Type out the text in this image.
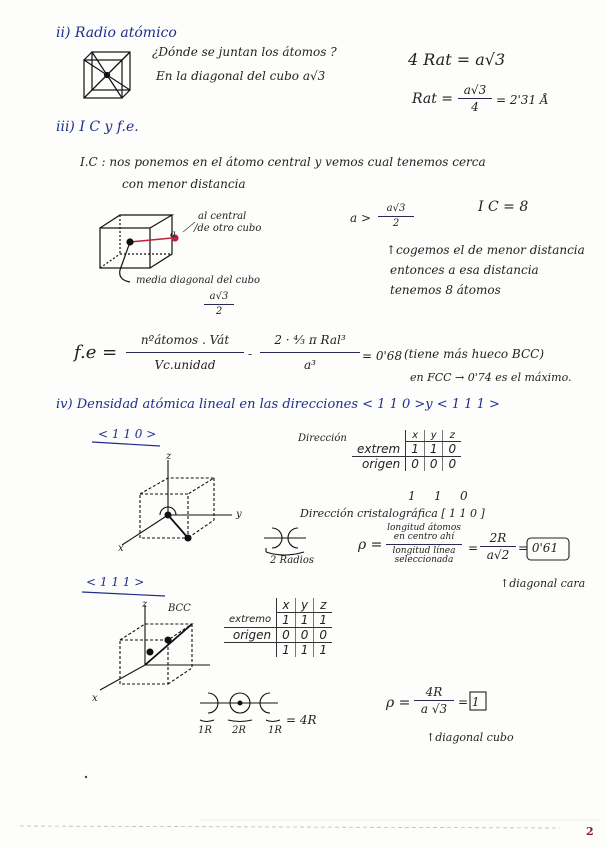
ii) Radio atómico
¿Dónde se juntan los átomos ?
En la diagonal del cubo a√3
4 Rat = a√3
Rat =
a√3
4	= 2'31 Å
iii) I C y f.e.
I.C : nos ponemos en el átomo central y vemos cual tenemos cerca
con menor distancia
al central
/de otro cubo
a
media diagonal del cubo
a√3
2
a >
a√3
2
I C = 8
↑cogemos el de menor distancia
entonces a esa distancia
tenemos 8 átomos
f.e =
nºátomos . Vát
Vc.unidad
-
2 · ⁴⁄₃ π Ral³
a³
= 0'68 (tiene más hueco BCC)
en FCC → 0'74 es el máximo.
iv) Densidad atómica lineal en las direcciones < 1 1 0 >y < 1 1 1 >
< 1 1 0 >	Dirección
		x	y	z
extrem	1	1	0
origen	0	0	0
1 1 0
Dirección cristalográfica [ 1 1 0 ]
z
y
x
2 Radios
ρ =
longitud átomos
en centro ahí
longitud línea
seleccionada
=
2R
a√2 = 0'61
↑diagonal cara
< 1 1 1 >
BCC
z
x
	x	y	z
extremo	1	1	1
origen	0	0	0
	1	1	1
1R 2R 1R
= 4R
ρ =
4R
a √3 = 1
↑diagonal cubo
2
